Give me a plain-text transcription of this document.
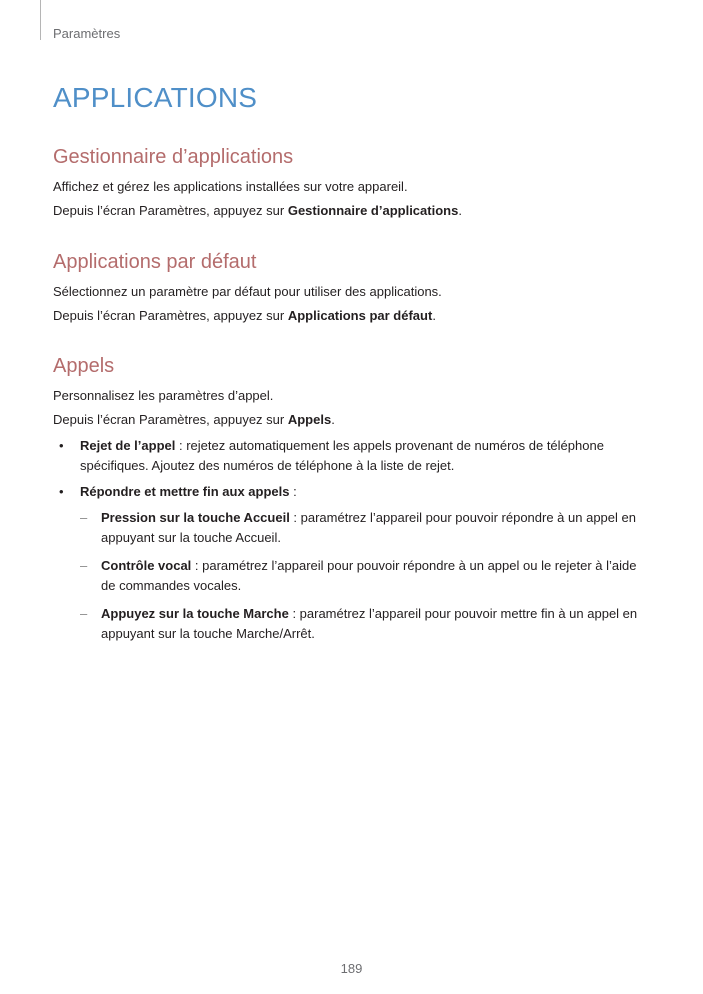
Paramètres
APPLICATIONS
Gestionnaire d’applications

Affichez et gérez les applications installées sur votre appareil.

Depuis l’écran Paramètres, appuyez sur Gestionnaire d’applications.

Applications par défaut

Sélectionnez un paramètre par défaut pour utiliser des applications.

Depuis l’écran Paramètres, appuyez sur Applications par défaut.

Appels

Personnalisez les paramètres d’appel.

Depuis l’écran Paramètres, appuyez sur Appels.

• Rejet de l’appel : rejetez automatiquement les appels provenant de numéros de téléphone spécifiques. Ajoutez des numéros de téléphone à la liste de rejet.
• Répondre et mettre fin aux appels :
– Pression sur la touche Accueil : paramétrez l’appareil pour pouvoir répondre à un appel en appuyant sur la touche Accueil.
– Contrôle vocal : paramétrez l’appareil pour pouvoir répondre à un appel ou le rejeter à l’aide de commandes vocales.
– Appuyez sur la touche Marche : paramétrez l’appareil pour pouvoir mettre fin à un appel en appuyant sur la touche Marche/Arrêt.
189
